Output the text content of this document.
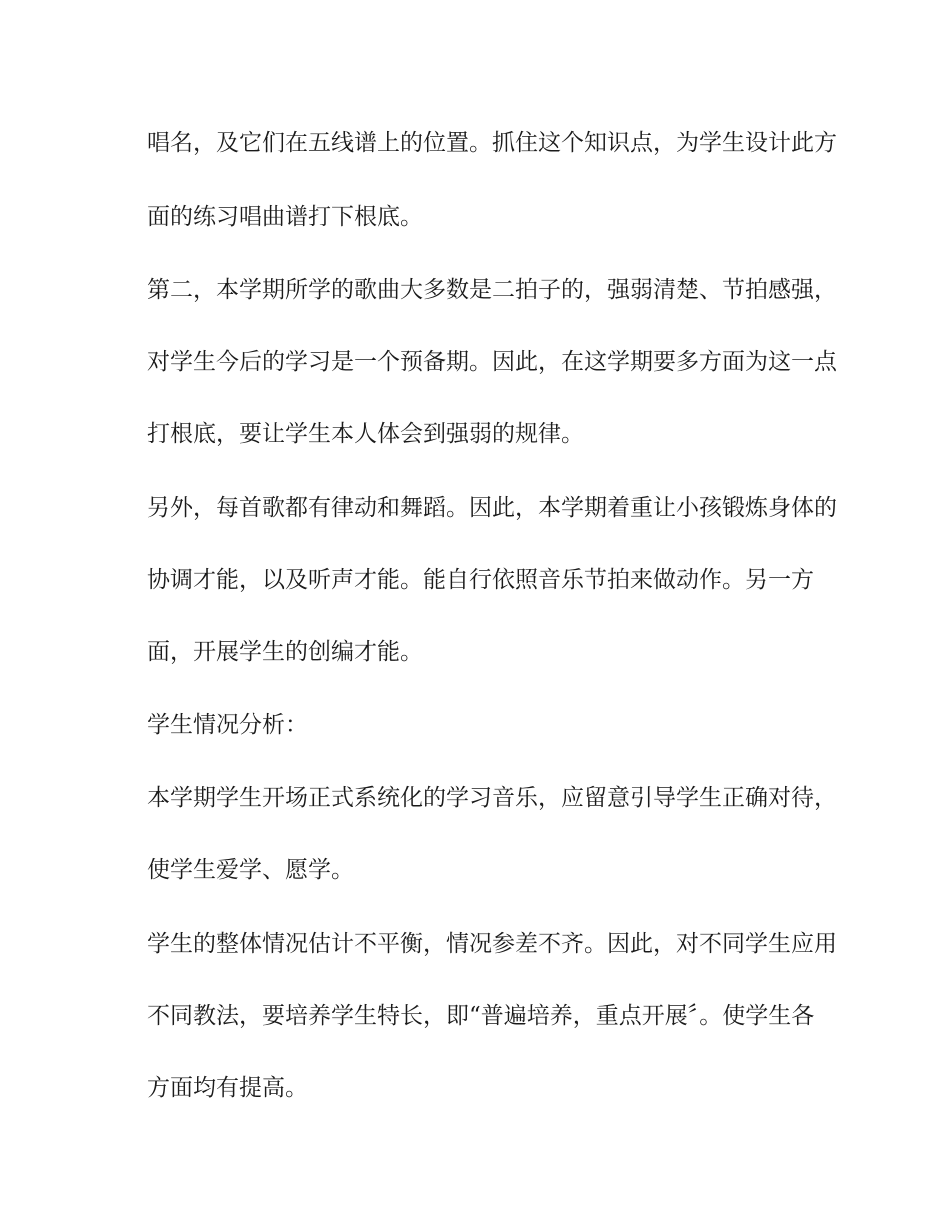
唱名，及它们在五线谱上的位置。抓住这个知识点，为学生设计此方
面的练习唱曲谱打下根底。
第二，本学期所学的歌曲大多数是二拍子的，强弱清楚、节拍感强，
对学生今后的学习是一个预备期。因此，在这学期要多方面为这一点
打根底，要让学生本人体会到强弱的规律。
另外，每首歌都有律动和舞蹈。因此，本学期着重让小孩锻炼身体的
协调才能，以及听声才能。能自行依照音乐节拍来做动作。另一方
面，开展学生的创编才能。
学生情况分析：
本学期学生开场正式系统化的学习音乐，应留意引导学生正确对待，
使学生爱学、愿学。
学生的整体情况估计不平衡，情况参差不齐。因此，对不同学生应用
不同教法，要培养学生特长，即“普遍培养，重点开展〞。使学生各
方面均有提高。
